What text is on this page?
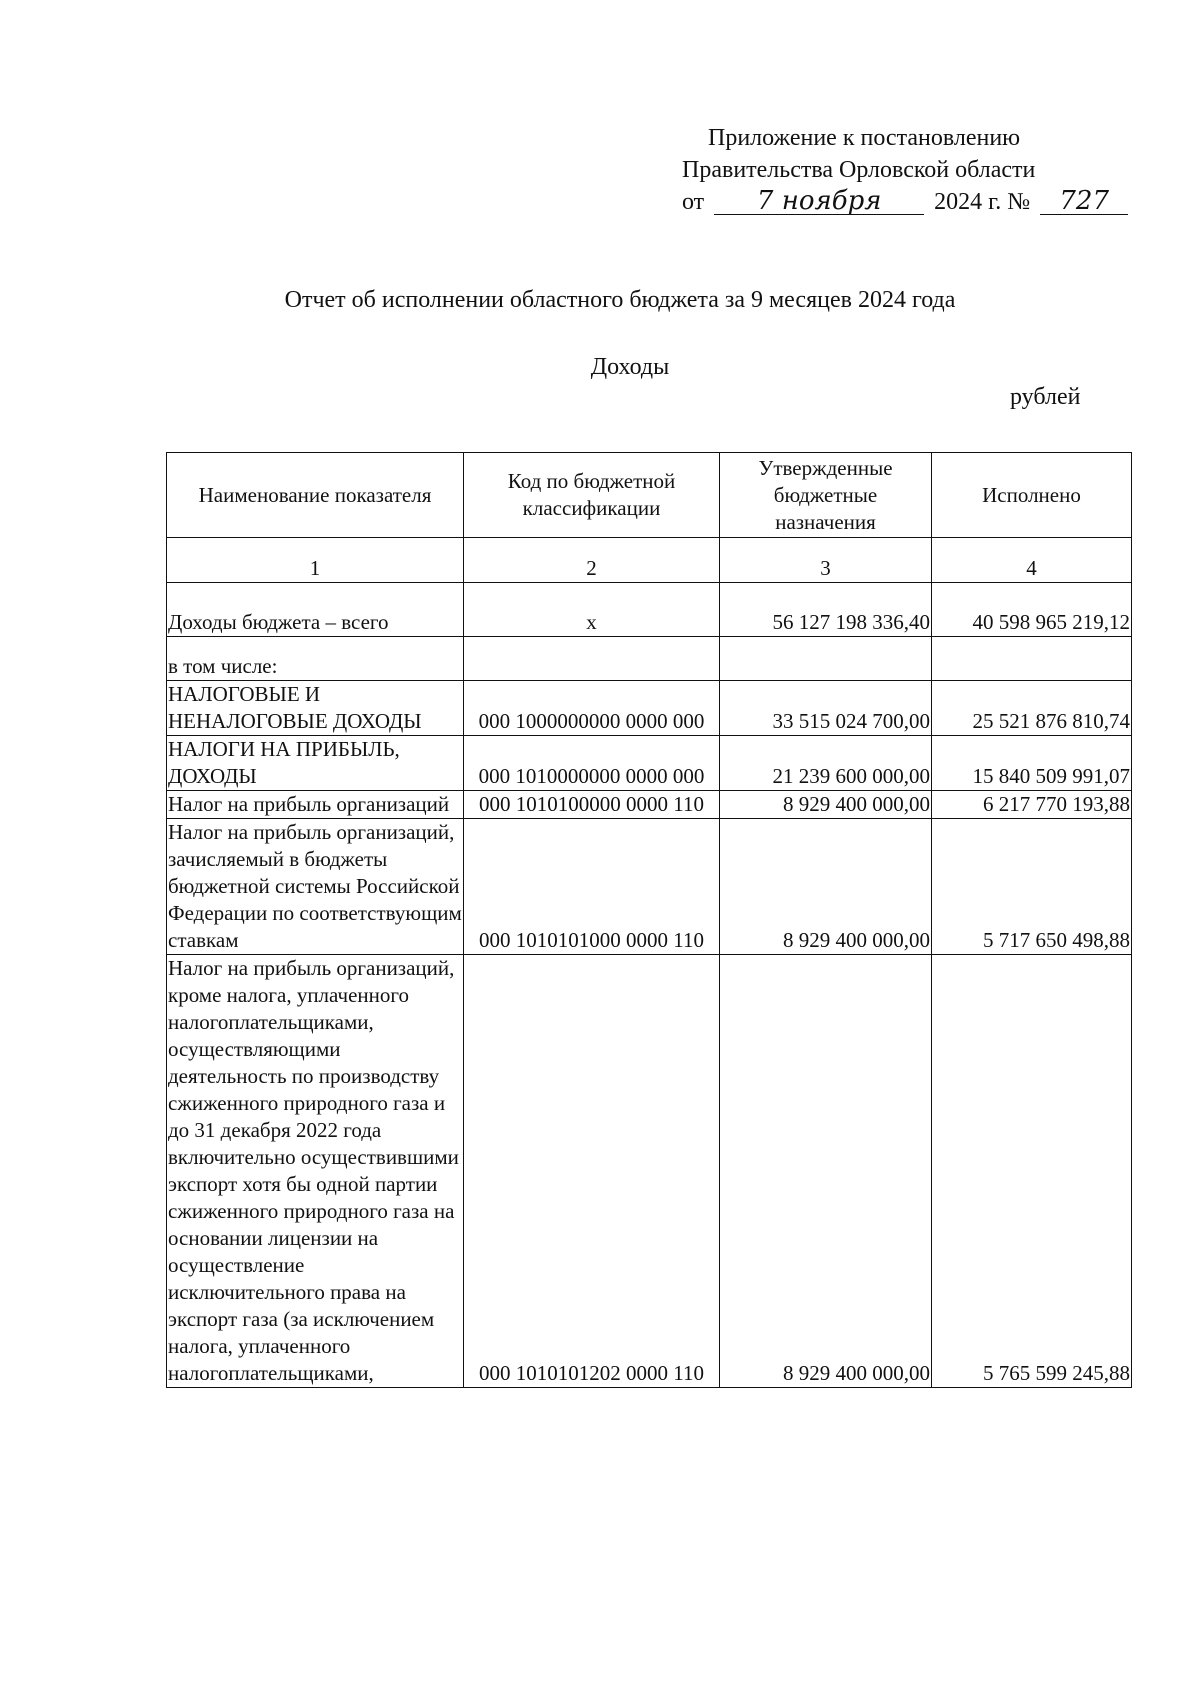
Приложение к постановлению
Правительства Орловской области
от 7 ноября 2024 г. № 727
Отчет об исполнении областного бюджета за 9 месяцев 2024 года
Доходы
рублей
Наименование показателя	Код по бюджетной классификации	Утвержденные бюджетные назначения	Исполнено
1	2	3	4
Доходы бюджета – всего	x	56 127 198 336,40	40 598 965 219,12
в том числе:			
НАЛОГОВЫЕ И НЕНАЛОГОВЫЕ ДОХОДЫ	000 1000000000 0000 000	33 515 024 700,00	25 521 876 810,74
НАЛОГИ НА ПРИБЫЛЬ, ДОХОДЫ	000 1010000000 0000 000	21 239 600 000,00	15 840 509 991,07
Налог на прибыль организаций	000 1010100000 0000 110	8 929 400 000,00	6 217 770 193,88
Налог на прибыль организаций, зачисляемый в бюджеты бюджетной системы Российской Федерации по соответствующим ставкам	000 1010101000 0000 110	8 929 400 000,00	5 717 650 498,88
Налог на прибыль организаций, кроме налога, уплаченного налогоплательщиками, осуществляющими деятельность по производству сжиженного природного газа и до 31 декабря 2022 года включительно осуществившими экспорт хотя бы одной партии сжиженного природного газа на основании лицензии на осуществление исключительного права на экспорт газа (за исключением налога, уплаченного налогоплательщиками,	000 1010101202 0000 110	8 929 400 000,00	5 765 599 245,88
